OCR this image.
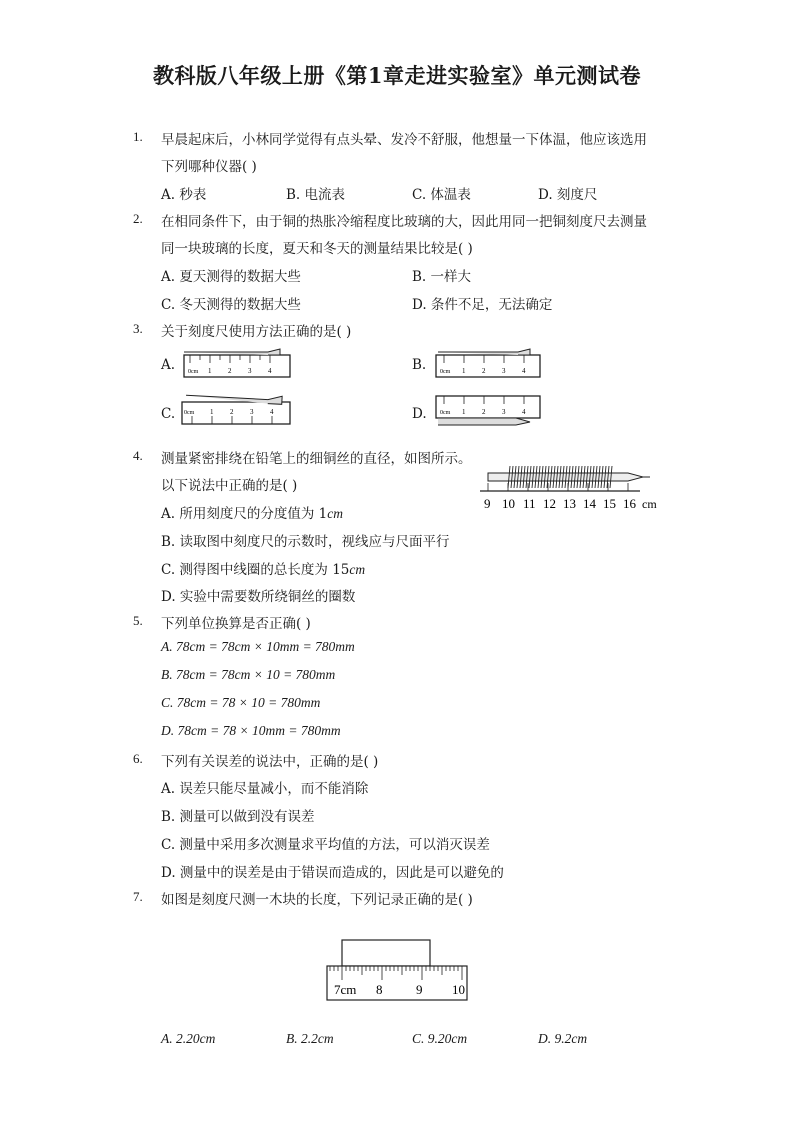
教科版八年级上册《第1章走进实验室》单元测试卷
1. 早晨起床后，小林同学觉得有点头晕、发冷不舒服，他想量一下体温，他应该选用
下列哪种仪器( )
A. 秒表	B. 电流表	C. 体温表	D. 刻度尺
2. 在相同条件下，由于铜的热胀冷缩程度比玻璃的大，因此用同一把铜刻度尺去测量
同一块玻璃的长度，夏天和冬天的测量结果比较是( )
A. 夏天测得的数据大些	B. 一样大
C. 冬天测得的数据大些	D. 条件不足，无法确定
3. 关于刻度尺使用方法正确的是( )
A. 0cm 1 2 3 4	B. 0cm 1 2 3 4
C. 0cm 1 2 3 4	D. 0cm 1 2 3 4
4. 测量紧密排绕在铅笔上的细铜丝的直径，如图所示。
以下说法中正确的是( )
A. 所用刻度尺的分度值为 1cm
B. 读取图中刻度尺的示数时，视线应与尺面平行
C. 测得图中线圈的总长度为 15cm
D. 实验中需要数所绕铜丝的圈数
9 10 11 12 13 14 15 16 cm
5. 下列单位换算是否正确( )
A. 78cm = 78cm × 10mm = 780mm
B. 78cm = 78cm × 10 = 780mm
C. 78cm = 78 × 10 = 780mm
D. 78cm = 78 × 10mm = 780mm
6. 下列有关误差的说法中，正确的是( )
A. 误差只能尽量减小，而不能消除
B. 测量可以做到没有误差
C. 测量中采用多次测量求平均值的方法，可以消灭误差
D. 测量中的误差是由于错误而造成的，因此是可以避免的
7. 如图是刻度尺测一木块的长度，下列记录正确的是( )
7cm 8	9 10
A. 2.20cm	B. 2.2cm	C. 9.20cm	D. 9.2cm
